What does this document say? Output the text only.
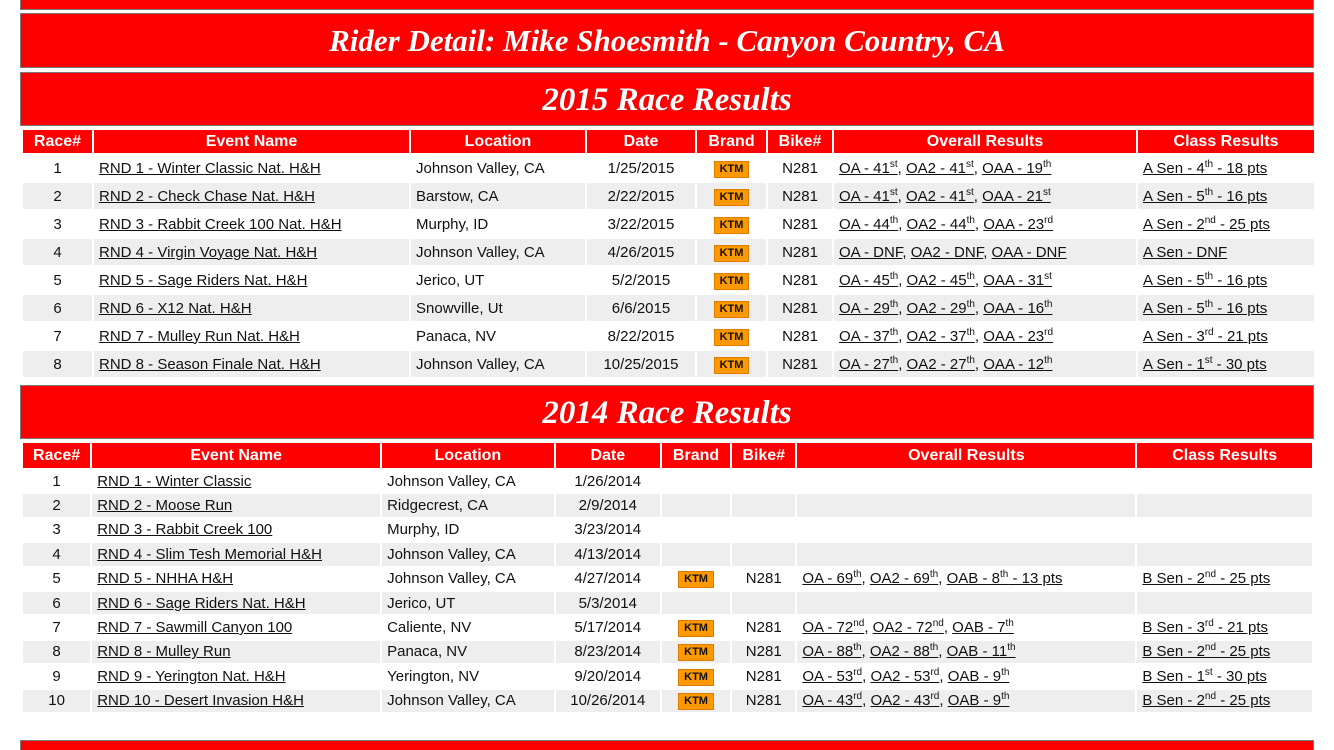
Rider Detail: Mike Shoesmith - Canyon Country, CA
2015 Race Results
Race#	Event Name	Location	Date	Brand	Bike#	Overall Results	Class Results
1	RND 1 - Winter Classic Nat. H&H	Johnson Valley, CA	1/25/2015	KTM	N281	OA - 41st, OA2 - 41st, OAA - 19th	A Sen - 4th - 18 pts
2	RND 2 - Check Chase Nat. H&H	Barstow, CA	2/22/2015	KTM	N281	OA - 41st, OA2 - 41st, OAA - 21st	A Sen - 5th - 16 pts
3	RND 3 - Rabbit Creek 100 Nat. H&H	Murphy, ID	3/22/2015	KTM	N281	OA - 44th, OA2 - 44th, OAA - 23rd	A Sen - 2nd - 25 pts
4	RND 4 - Virgin Voyage Nat. H&H	Johnson Valley, CA	4/26/2015	KTM	N281	OA - DNF, OA2 - DNF, OAA - DNF	A Sen - DNF
5	RND 5 - Sage Riders Nat. H&H	Jerico, UT	5/2/2015	KTM	N281	OA - 45th, OA2 - 45th, OAA - 31st	A Sen - 5th - 16 pts
6	RND 6 - X12 Nat. H&H	Snowville, Ut	6/6/2015	KTM	N281	OA - 29th, OA2 - 29th, OAA - 16th	A Sen - 5th - 16 pts
7	RND 7 - Mulley Run Nat. H&H	Panaca, NV	8/22/2015	KTM	N281	OA - 37th, OA2 - 37th, OAA - 23rd	A Sen - 3rd - 21 pts
8	RND 8 - Season Finale Nat. H&H	Johnson Valley, CA	10/25/2015	KTM	N281	OA - 27th, OA2 - 27th, OAA - 12th	A Sen - 1st - 30 pts
2014 Race Results
Race#	Event Name	Location	Date	Brand	Bike#	Overall Results	Class Results
1	RND 1 - Winter Classic	Johnson Valley, CA	1/26/2014				
2	RND 2 - Moose Run	Ridgecrest, CA	2/9/2014				
3	RND 3 - Rabbit Creek 100	Murphy, ID	3/23/2014				
4	RND 4 - Slim Tesh Memorial H&H	Johnson Valley, CA	4/13/2014				
5	RND 5 - NHHA H&H	Johnson Valley, CA	4/27/2014	KTM	N281	OA - 69th, OA2 - 69th, OAB - 8th - 13 pts	B Sen - 2nd - 25 pts
6	RND 6 - Sage Riders Nat. H&H	Jerico, UT	5/3/2014				
7	RND 7 - Sawmill Canyon 100	Caliente, NV	5/17/2014	KTM	N281	OA - 72nd, OA2 - 72nd, OAB - 7th	B Sen - 3rd - 21 pts
8	RND 8 - Mulley Run	Panaca, NV	8/23/2014	KTM	N281	OA - 88th, OA2 - 88th, OAB - 11th	B Sen - 2nd - 25 pts
9	RND 9 - Yerington Nat. H&H	Yerington, NV	9/20/2014	KTM	N281	OA - 53rd, OA2 - 53rd, OAB - 9th	B Sen - 1st - 30 pts
10	RND 10 - Desert Invasion H&H	Johnson Valley, CA	10/26/2014	KTM	N281	OA - 43rd, OA2 - 43rd, OAB - 9th	B Sen - 2nd - 25 pts
